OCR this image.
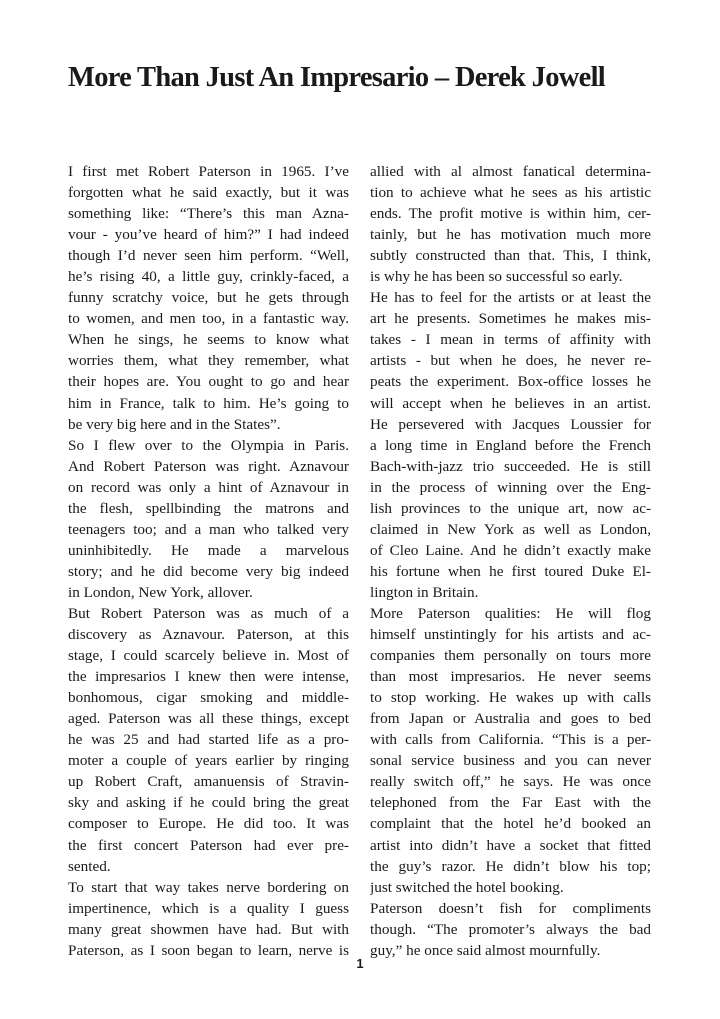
More Than Just An Impresario – Derek Jowell
I first met Robert Paterson in 1965. I’ve
forgotten what he said exactly, but it was
something like: “There’s this man Azna-
vour - you’ve heard of him?” I had indeed
though I’d never seen him perform. “Well,
he’s rising 40, a little guy, crinkly-faced, a
funny scratchy voice, but he gets through
to women, and men too, in a fantastic way.
When he sings, he seems to know what
worries them, what they remember, what
their hopes are. You ought to go and hear
him in France, talk to him. He’s going to
be very big here and in the States”.
So I flew over to the Olympia in Paris.
And Robert Paterson was right. Aznavour
on record was only a hint of Aznavour in
the flesh, spellbinding the matrons and
teenagers too; and a man who talked very
uninhibitedly. He made a marvelous
story; and he did become very big indeed
in London, New York, allover.
But Robert Paterson was as much of a
discovery as Aznavour. Paterson, at this
stage, I could scarcely believe in. Most of
the impresarios I knew then were intense,
bonhomous, cigar smoking and middle-
aged. Paterson was all these things, except
he was 25 and had started life as a pro-
moter a couple of years earlier by ringing
up Robert Craft, amanuensis of Stravin-
sky and asking if he could bring the great
composer to Europe. He did too. It was
the first concert Paterson had ever pre-
sented.
To start that way takes nerve bordering on
impertinence, which is a quality I guess
many great showmen have had. But with
Paterson, as I soon began to learn, nerve is
allied with al almost fanatical determina-
tion to achieve what he sees as his artistic
ends. The profit motive is within him, cer-
tainly, but he has motivation much more
subtly constructed than that. This, I think,
is why he has been so successful so early.
He has to feel for the artists or at least the
art he presents. Sometimes he makes mis-
takes - I mean in terms of affinity with
artists - but when he does, he never re-
peats the experiment. Box-office losses he
will accept when he believes in an artist.
He persevered with Jacques Loussier for
a long time in England before the French
Bach-with-jazz trio succeeded. He is still
in the process of winning over the Eng-
lish provinces to the unique art, now ac-
claimed in New York as well as London,
of Cleo Laine. And he didn’t exactly make
his fortune when he first toured Duke El-
lington in Britain.
More Paterson qualities: He will flog
himself unstintingly for his artists and ac-
companies them personally on tours more
than most impresarios. He never seems
to stop working. He wakes up with calls
from Japan or Australia and goes to bed
with calls from California. “This is a per-
sonal service business and you can never
really switch off,” he says. He was once
telephoned from the Far East with the
complaint that the hotel he’d booked an
artist into didn’t have a socket that fitted
the guy’s razor. He didn’t blow his top;
just switched the hotel booking.
Paterson doesn’t fish for compliments
though. “The promoter’s always the bad
guy,” he once said almost mournfully.
1
